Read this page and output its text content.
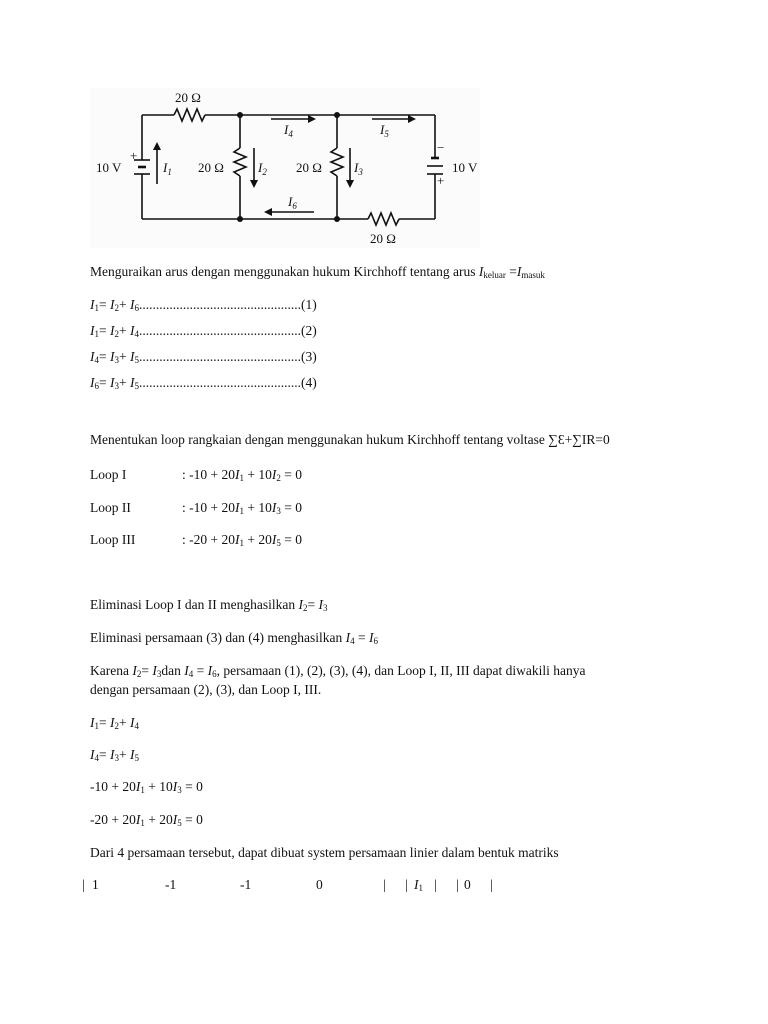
20 Ω
20 Ω	20 Ω
20 Ω
10 V	10 V
+
−
+
$I_1$	$I_2$	$I_3$
$I_4$	$I_5$
$I_6$
Menguraikan arus dengan menggunakan hukum Kirchhoff tentang arus $I_{keluar} =I_{masuk}$
$I_1= I_2+ I_6................................................(1)$
$I_1= I_2+ I_4................................................(2)$
$I_4= I_3+ I_5................................................(3)$
$I_6= I_3+ I_5................................................(4)$
Menentukan loop rangkaian dengan menggunakan hukum Kirchhoff tentang voltase ∑Ɛ+∑IR=0
Loop I	: $-10 + 20I_1 + 10I_2 = 0$
Loop II	: $-10 + 20I_1 + 10I_3 = 0$
Loop III	: $-20 + 20I_1 + 20I_5 = 0$
Eliminasi Loop I dan II menghasilkan $I_2= I_3$
Eliminasi persamaan (3) dan (4) menghasilkan $I_4 = I_6$
Karena $I_2= I_3dan$ $I_4 = I_6$, persamaan (1), (2), (3), (4), dan Loop I, II, III dapat diwakili hanya
dengan persamaan (2), (3), dan Loop I, III.
$I_1= I_2+ I_4$
$I_4= I_3+ I_5$
$-10 + 20I_1 + 10I_3 = 0$
$-20 + 20I_1 + 20I_5 = 0$
Dari 4 persamaan tersebut, dapat dibuat system persamaan linier dalam bentuk matriks
| 1	-1	-1	0	| | $I_1$ | | 0 |
